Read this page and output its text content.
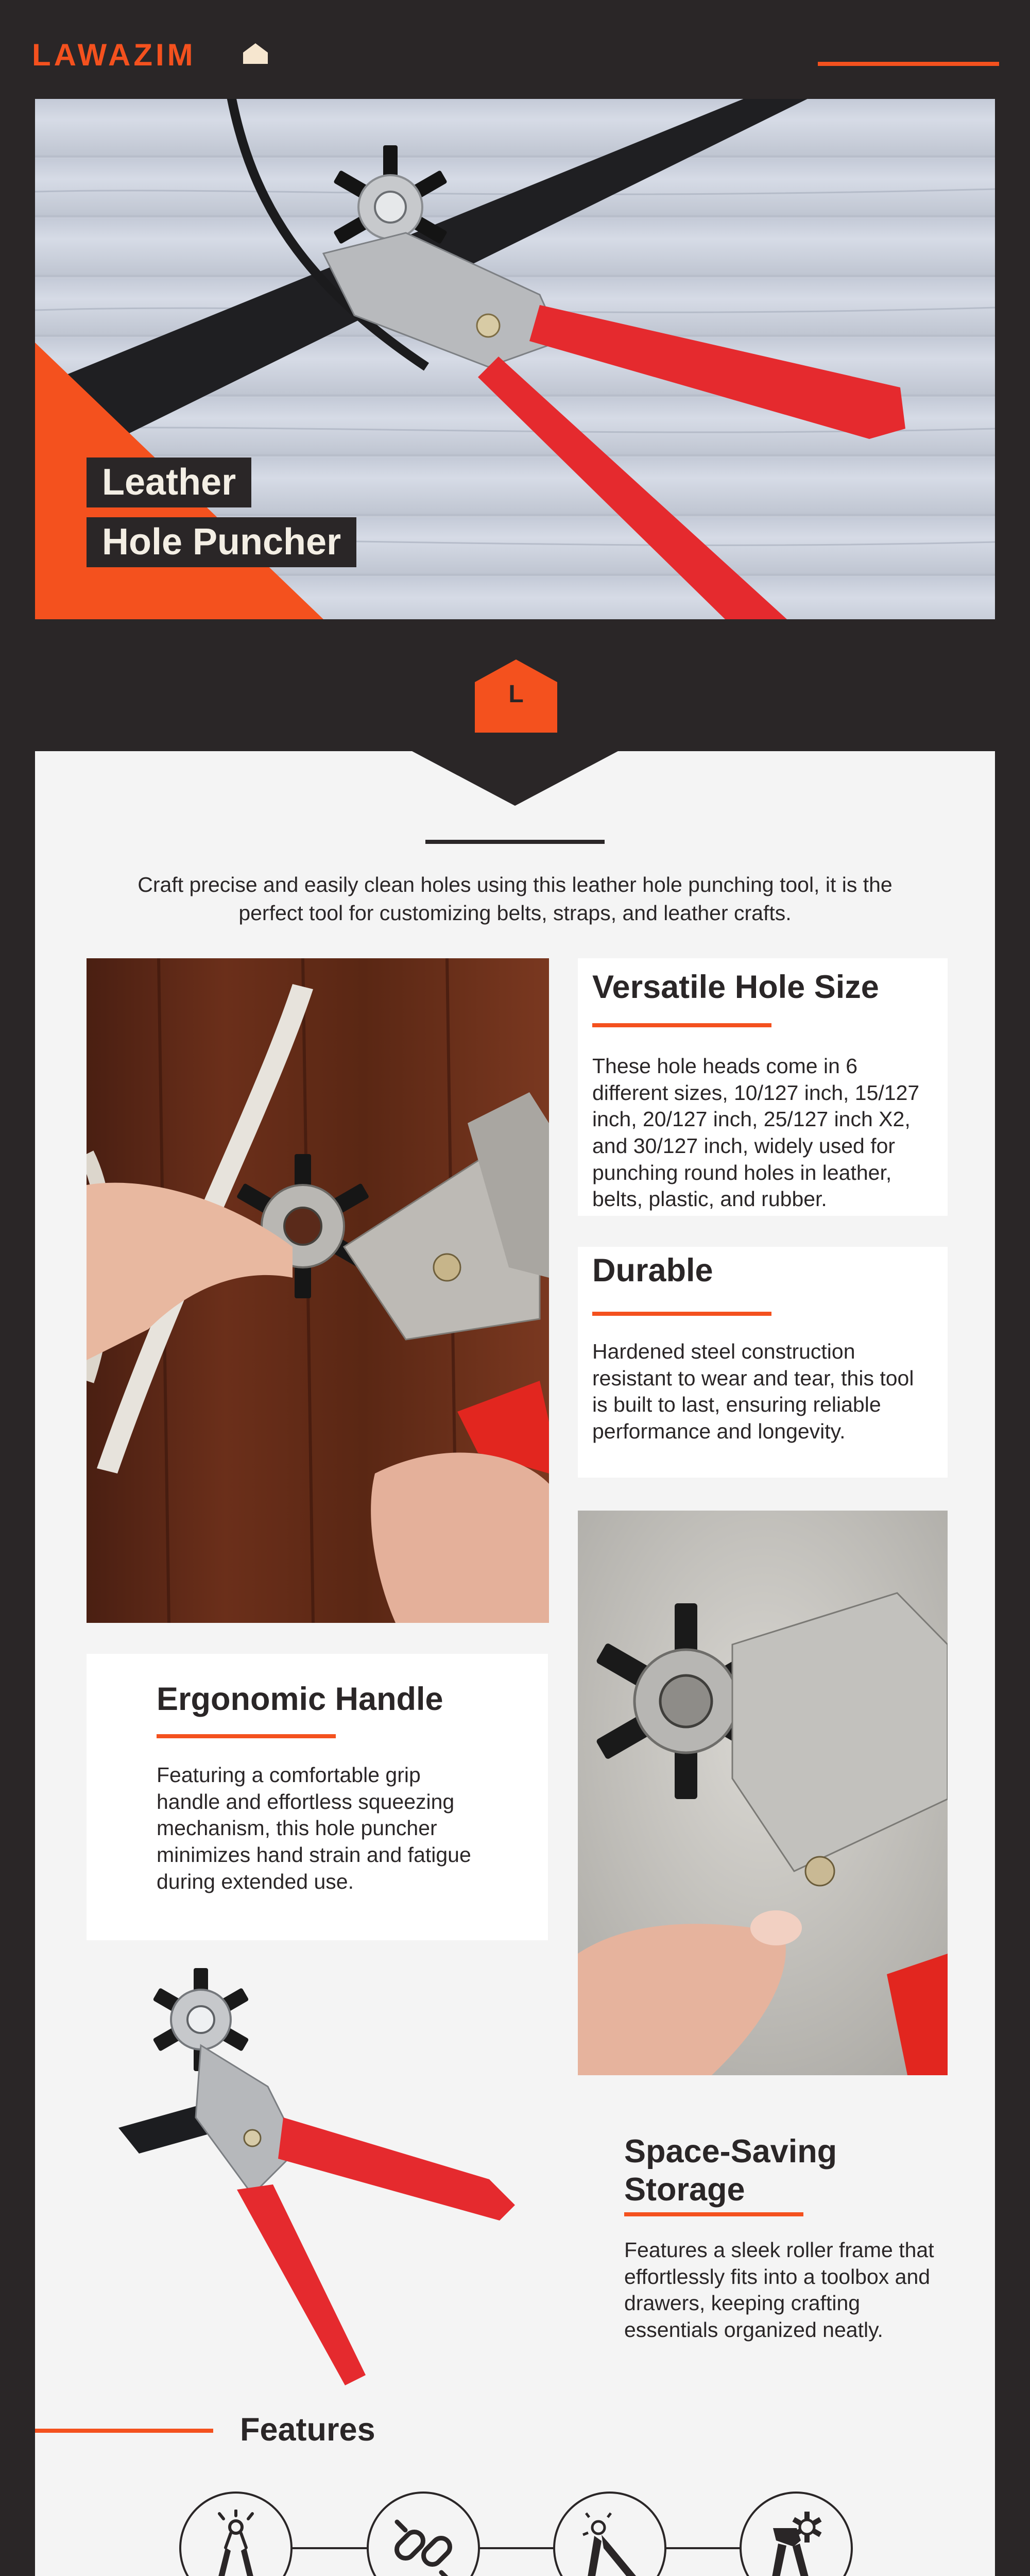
LAWAZIM
Leather
Hole Puncher
L
Craft precise and easily clean holes using this leather hole punching tool, it is the perfect tool for customizing belts, straps, and leather crafts.
Versatile Hole Size
These hole heads come in 6 different sizes, 10/127 inch, 15/127 inch, 20/127 inch, 25/127 inch X2, and 30/127 inch, widely used for punching round holes in leather, belts, plastic, and rubber.
Durable
Hardened steel construction resistant to wear and tear, this tool is built to last, ensuring reliable performance and longevity.
Ergonomic Handle
Featuring a comfortable grip handle and effortless squeezing mechanism, this hole puncher minimizes hand strain and fatigue during extended use.
Space-Saving
Storage
Features a sleek roller frame that effortlessly fits into a toolbox and drawers, keeping crafting essentials organized neatly.
Features
